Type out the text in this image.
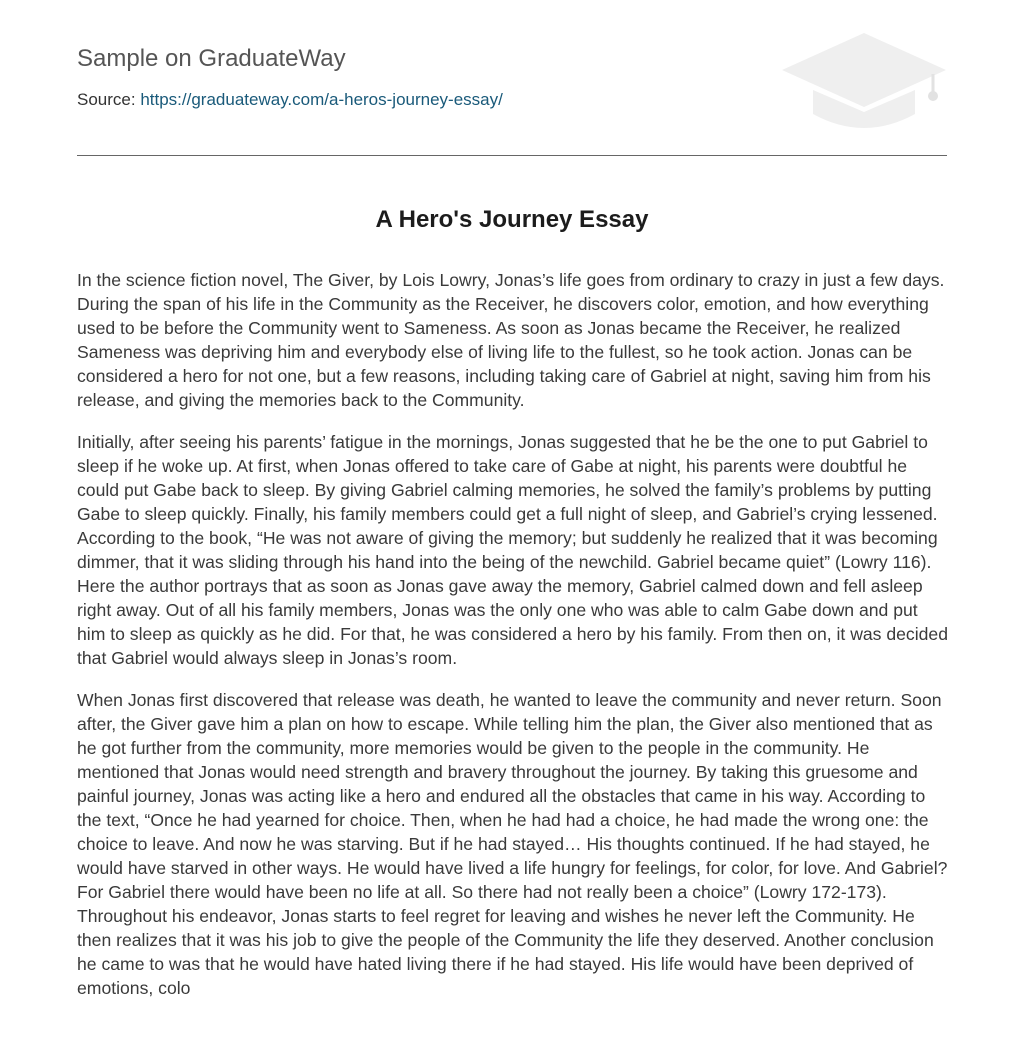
Sample on GraduateWay
Source: https://graduateway.com/a-heros-journey-essay/
A Hero's Journey Essay

In the science fiction novel, The Giver, by Lois Lowry, Jonas’s life goes from ordinary to crazy in just a few days. During the span of his life in the Community as the Receiver, he discovers color, emotion, and how everything used to be before the Community went to Sameness. As soon as Jonas became the Receiver, he realized Sameness was depriving him and everybody else of living life to the fullest, so he took action. Jonas can be considered a hero for not one, but a few reasons, including taking care of Gabriel at night, saving him from his release, and giving the memories back to the Community.

Initially, after seeing his parents’ fatigue in the mornings, Jonas suggested that he be the one to put Gabriel to sleep if he woke up. At first, when Jonas offered to take care of Gabe at night, his parents were doubtful he could put Gabe back to sleep. By giving Gabriel calming memories, he solved the family’s problems by putting Gabe to sleep quickly. Finally, his family members could get a full night of sleep, and Gabriel’s crying lessened. According to the book, “He was not aware of giving the memory; but suddenly he realized that it was becoming dimmer, that it was sliding through his hand into the being of the newchild. Gabriel became quiet” (Lowry 116). Here the author portrays that as soon as Jonas gave away the memory, Gabriel calmed down and fell asleep right away. Out of all his family members, Jonas was the only one who was able to calm Gabe down and put him to sleep as quickly as he did. For that, he was considered a hero by his family. From then on, it was decided that Gabriel would always sleep in Jonas’s room.

When Jonas first discovered that release was death, he wanted to leave the community and never return. Soon after, the Giver gave him a plan on how to escape. While telling him the plan, the Giver also mentioned that as he got further from the community, more memories would be given to the people in the community. He mentioned that Jonas would need strength and bravery throughout the journey. By taking this gruesome and painful journey, Jonas was acting like a hero and endured all the obstacles that came in his way. According to the text, “Once he had yearned for choice. Then, when he had had a choice, he had made the wrong one: the choice to leave. And now he was starving. But if he had stayed… His thoughts continued. If he had stayed, he would have starved in other ways. He would have lived a life hungry for feelings, for color, for love. And Gabriel? For Gabriel there would have been no life at all. So there had not really been a choice” (Lowry 172-173). Throughout his endeavor, Jonas starts to feel regret for leaving and wishes he never left the Community. He then realizes that it was his job to give the people of the Community the life they deserved. Another conclusion he came to was that he would have hated living there if he had stayed. His life would have been deprived of emotions, colo
